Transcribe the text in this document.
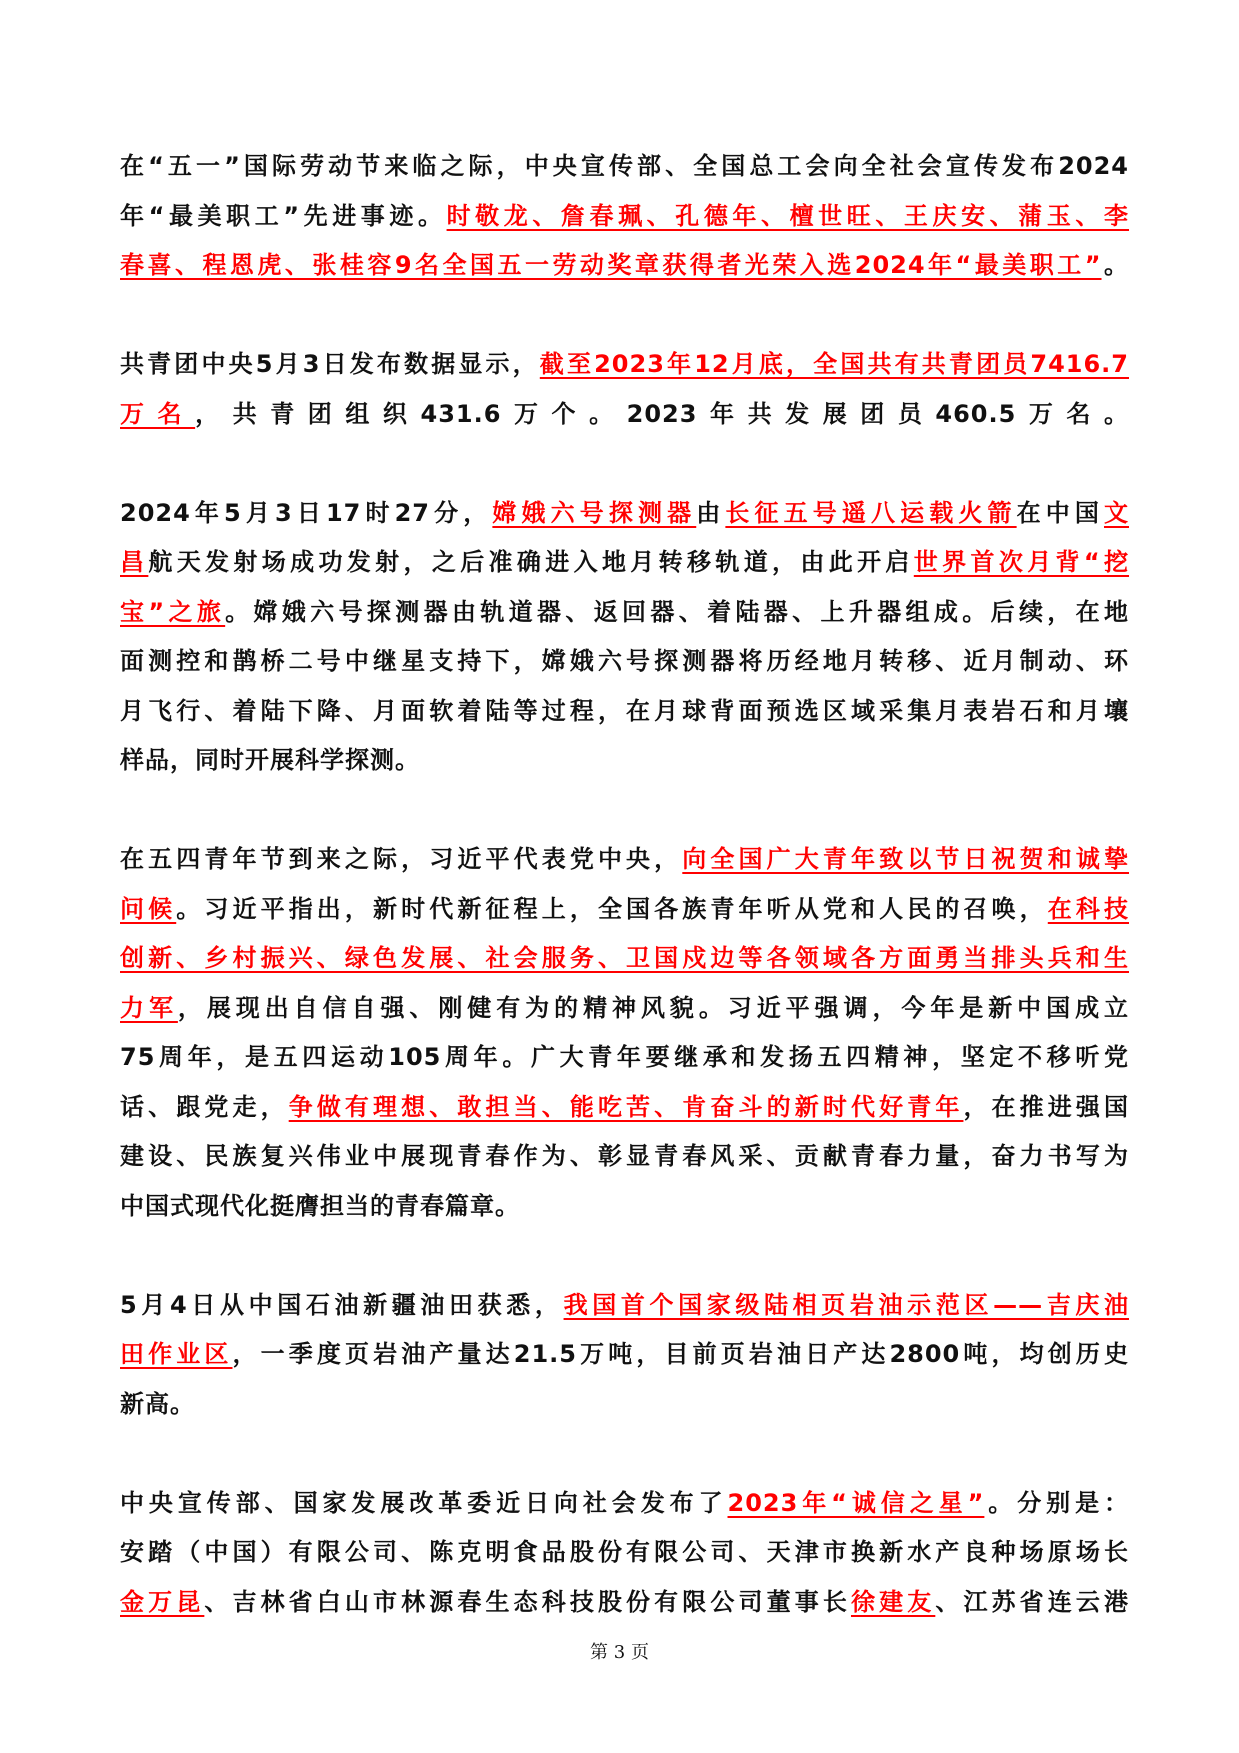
在“五一”国际劳动节来临之际，中央宣传部、全国总工会向全社会宣传发布2024
年“最美职工”先进事迹。时敬龙、詹春珮、孔德年、檀世旺、王庆安、蒲玉、李
春喜、程恩虎、张桂容9名全国五一劳动奖章获得者光荣入选2024年“最美职工”。
共青团中央5月3日发布数据显示，截至2023年12月底，全国共有共青团员7416.7
万名，共青团组织431.6万个。2023年共发展团员460.5万名。
2024年5月3日17时27分，嫦娥六号探测器由长征五号遥八运载火箭在中国文
昌航天发射场成功发射，之后准确进入地月转移轨道，由此开启世界首次月背“挖
宝”之旅。嫦娥六号探测器由轨道器、返回器、着陆器、上升器组成。后续，在地
面测控和鹊桥二号中继星支持下，嫦娥六号探测器将历经地月转移、近月制动、环
月飞行、着陆下降、月面软着陆等过程，在月球背面预选区域采集月表岩石和月壤
样品，同时开展科学探测。
在五四青年节到来之际，习近平代表党中央，向全国广大青年致以节日祝贺和诚挚
问候。习近平指出，新时代新征程上，全国各族青年听从党和人民的召唤，在科技
创新、乡村振兴、绿色发展、社会服务、卫国戍边等各领域各方面勇当排头兵和生
力军，展现出自信自强、刚健有为的精神风貌。习近平强调，今年是新中国成立
75周年，是五四运动105周年。广大青年要继承和发扬五四精神，坚定不移听党
话、跟党走，争做有理想、敢担当、能吃苦、肯奋斗的新时代好青年，在推进强国
建设、民族复兴伟业中展现青春作为、彰显青春风采、贡献青春力量，奋力书写为
中国式现代化挺膺担当的青春篇章。
5月4日从中国石油新疆油田获悉，我国首个国家级陆相页岩油示范区——吉庆油
田作业区，一季度页岩油产量达21.5万吨，目前页岩油日产达2800吨，均创历史
新高。
中央宣传部、国家发展改革委近日向社会发布了2023年“诚信之星”。分别是：
安踏（中国）有限公司、陈克明食品股份有限公司、天津市换新水产良种场原场长
金万昆、吉林省白山市林源春生态科技股份有限公司董事长徐建友、江苏省连云港
第 3 页
